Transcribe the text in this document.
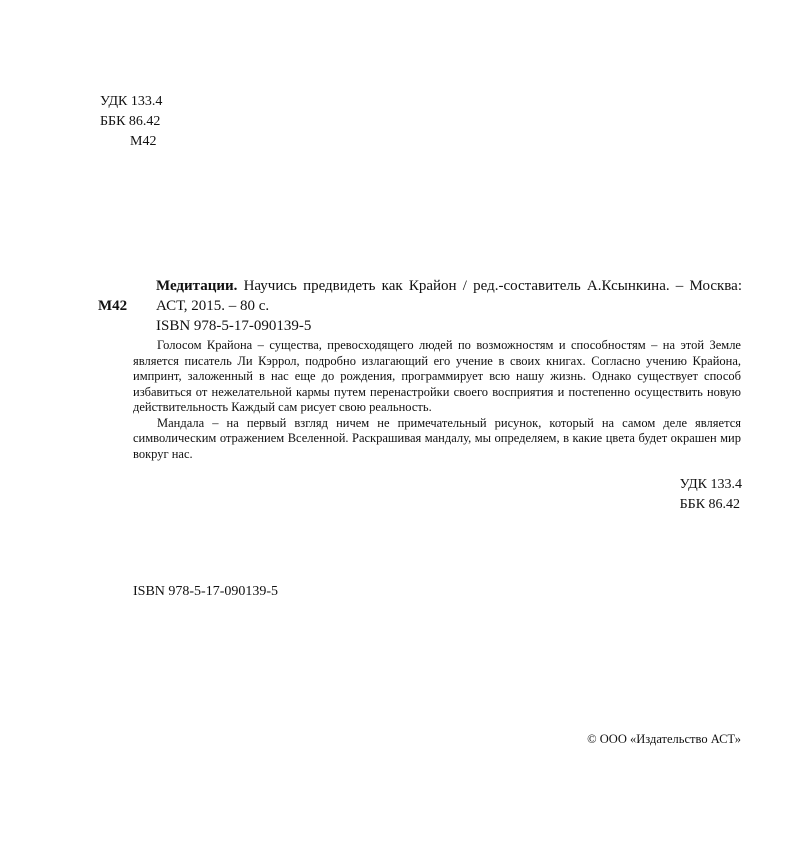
УДК 133.4
ББК 86.42
М42
М42
Медитации. Научись предвидеть как Крайон / ред.-составитель А.Ксынкина. – Москва: АСТ, 2015. – 80 с.
ISBN 978-5-17-090139-5

Голосом Крайона – существа, превосходящего людей по возможностям и способностям – на этой Земле является писатель Ли Кэррол, подробно излагающий его учение в своих книгах. Согласно учению Крайона, импринт, заложенный в нас еще до рождения, программирует всю нашу жизнь. Однако существует способ избавиться от нежелательной кармы путем перенастройки своего восприятия и постепенно осуществить новую действительность Каждый сам рисует свою реальность.

Мандала – на первый взгляд ничем не примечательный рисунок, который на самом деле является символическим отражением Вселенной. Раскрашивая мандалу, мы определяем, в какие цвета будет окрашен мир вокруг нас.

УДК 133.4
ББК 86.42
ISBN 978-5-17-090139-5
© ООО «Издательство АСТ»
